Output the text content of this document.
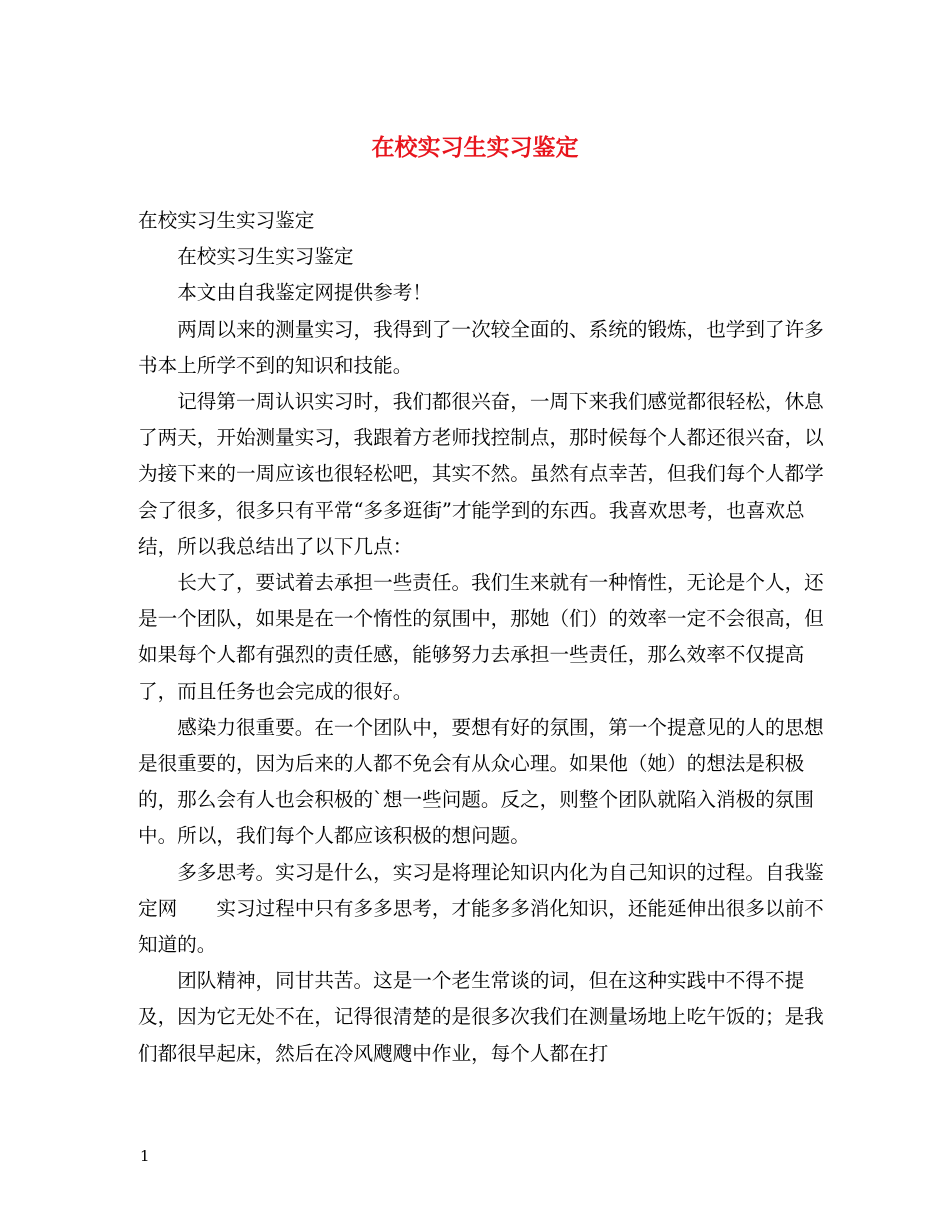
在校实习生实习鉴定

在校实习生实习鉴定

在校实习生实习鉴定

本文由自我鉴定网提供参考！

两周以来的测量实习，我得到了一次较全面的、系统的锻炼，也学到了许多书本上所学不到的知识和技能。

记得第一周认识实习时，我们都很兴奋，一周下来我们感觉都很轻松，休息了两天，开始测量实习，我跟着方老师找控制点，那时候每个人都还很兴奋，以为接下来的一周应该也很轻松吧，其实不然。虽然有点幸苦，但我们每个人都学会了很多，很多只有平常“多多逛街”才能学到的东西。我喜欢思考，也喜欢总结，所以我总结出了以下几点：

长大了，要试着去承担一些责任。我们生来就有一种惰性，无论是个人，还是一个团队，如果是在一个惰性的氛围中，那她（们）的效率一定不会很高，但如果每个人都有强烈的责任感，能够努力去承担一些责任，那么效率不仅提高了，而且任务也会完成的很好。

感染力很重要。在一个团队中，要想有好的氛围，第一个提意见的人的思想是很重要的，因为后来的人都不免会有从众心理。如果他（她）的想法是积极的，那么会有人也会积极的`想一些问题。反之，则整个团队就陷入消极的氛围中。所以，我们每个人都应该积极的想问题。

多多思考。实习是什么，实习是将理论知识内化为自己知识的过程。自我鉴定网　　实习过程中只有多多思考，才能多多消化知识，还能延伸出很多以前不知道的。

团队精神，同甘共苦。这是一个老生常谈的词，但在这种实践中不得不提及，因为它无处不在，记得很清楚的是很多次我们在测量场地上吃午饭的；是我们都很早起床，然后在冷风飕飕中作业，每个人都在打

1
